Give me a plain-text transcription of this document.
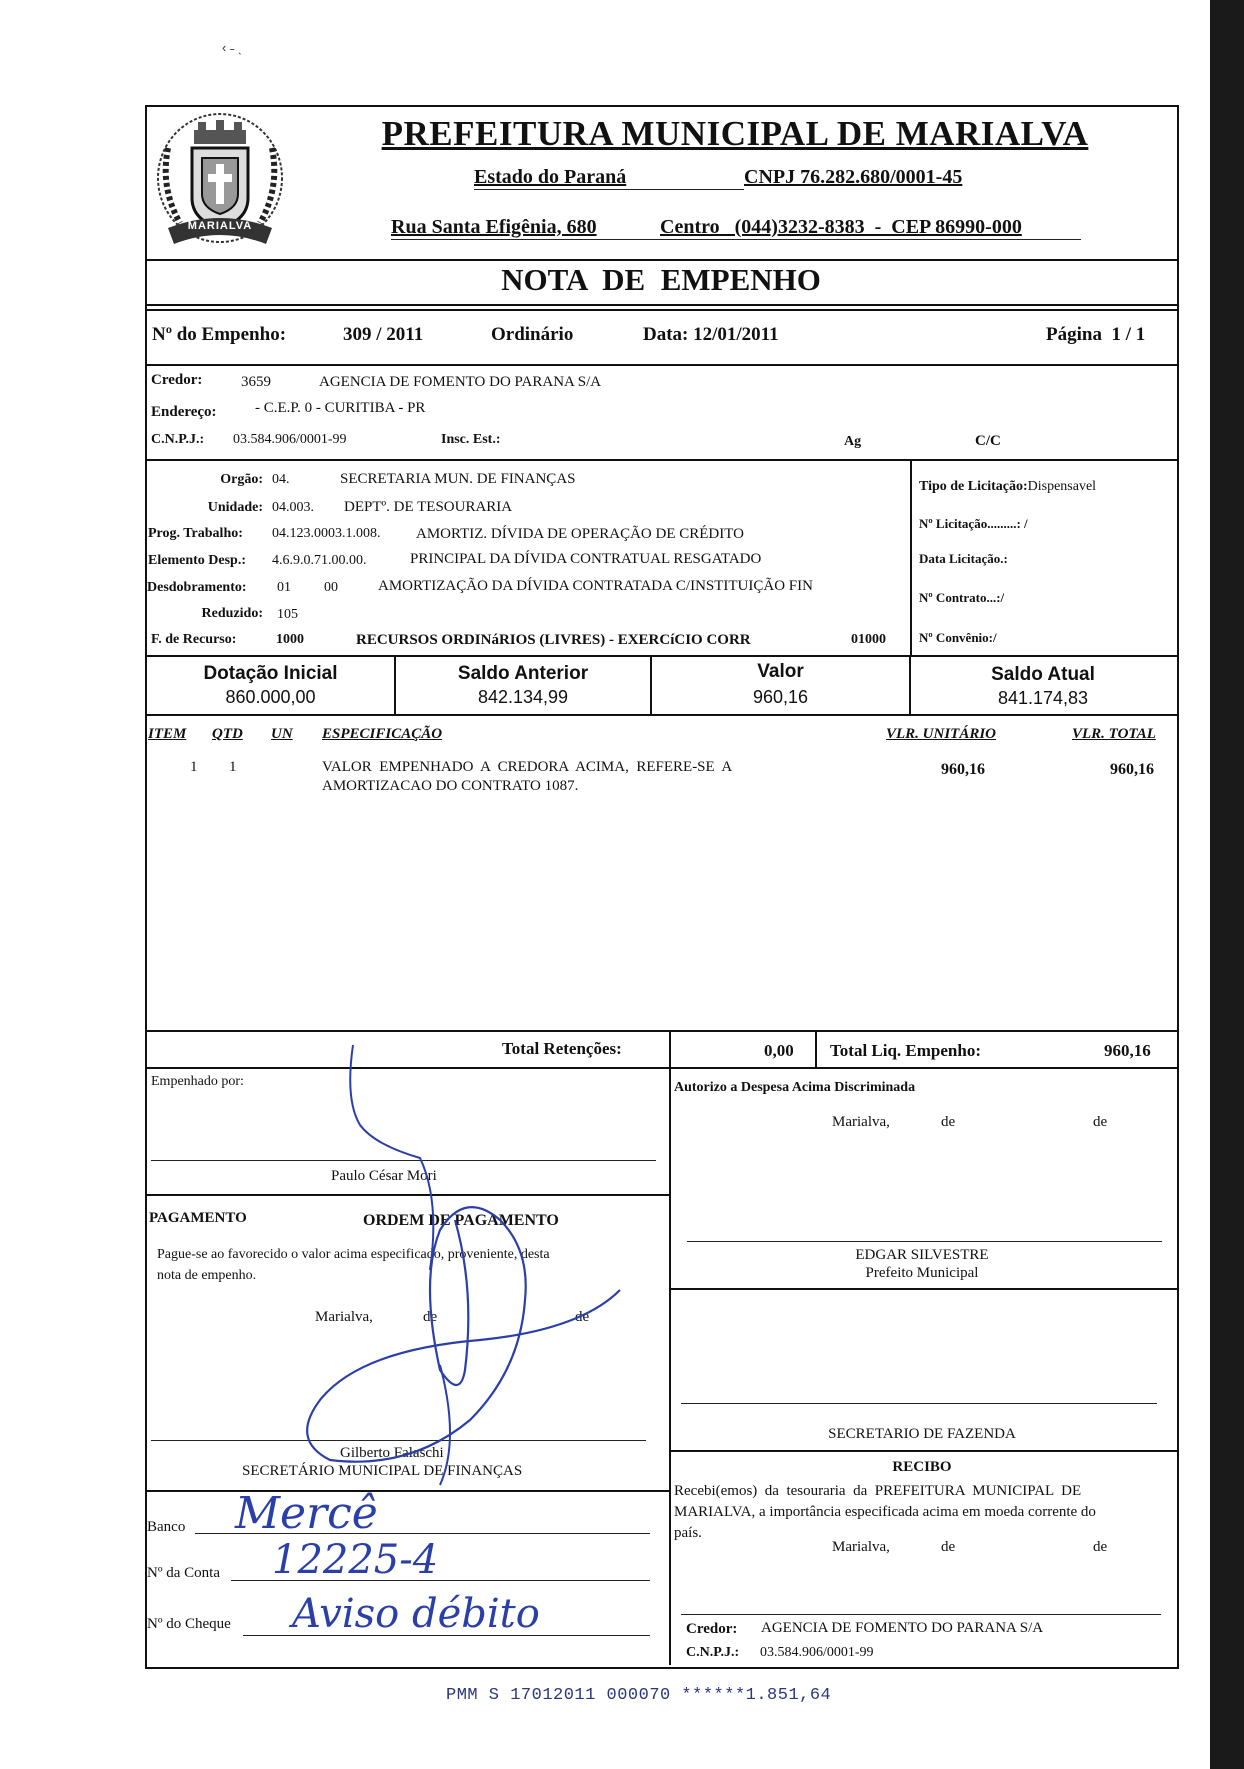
‹ ˗ ˎ
MARIALVA
PREFEITURA MUNICIPAL DE MARIALVA
Estado do Paraná	CNPJ 76.282.680/0001-45
Rua Santa Efigênia, 680	Centro   (044)3232-8383  -  CEP 86990-000
NOTA  DE  EMPENHO
Nº do Empenho:	309 / 2011	Ordinário	Data: 12/01/2011	Página  1 / 1
Credor:	3659	AGENCIA DE FOMENTO DO PARANA S/A
Endereço:	- C.E.P. 0 - CURITIBA - PR
C.N.P.J.: 03.584.906/0001-99	Insc. Est.:	Ag	C/C
Orgão: 04.	SECRETARIA MUN. DE FINANÇAS
Unidade: 04.003. DEPTº. DE TESOURARIA
Prog. Trabalho: 04.123.0003.1.008. AMORTIZ. DÍVIDA DE OPERAÇÃO DE CRÉDITO
Elemento Desp.: 4.6.9.0.71.00.00.	PRINCIPAL DA DÍVIDA CONTRATUAL RESGATADO
Desdobramento: 01 00	AMORTIZAÇÃO DA DÍVIDA CONTRATADA C/INSTITUIÇÃO FIN
Reduzido: 105
F. de Recurso:	1000	RECURSOS ORDINáRIOS (LIVRES) - EXERCíCIO CORR	01000
Tipo de Licitação:Dispensavel
Nº Licitação.........: /
Data Licitação.:
Nº Contrato...:/
Nº Convênio:/
Dotação Inicial
860.000,00
Saldo Anterior
842.134,99
Valor
960,16
Saldo Atual
841.174,83
ITEM QTD UN ESPECIFICAÇÃO	VLR. UNITÁRIO	VLR. TOTAL
1 1	VALOR  EMPENHADO  A  CREDORA  ACIMA,  REFERE-SE  A
AMORTIZACAO DO CONTRATO 1087.
960,16	960,16
Total Retenções:	0,00 Total Liq. Empenho:	960,16
Empenhado por:
Paulo César Mori
PAGAMENTO	ORDEM DE PAGAMENTO
Pague-se ao favorecido o valor acima especificado, proveniente, desta
nota de empenho.
Marialva,	de	de
Gilberto Falaschi
SECRETÁRIO MUNICIPAL DE FINANÇAS
Banco Mercê
Nº da Conta 12225-4
Nº do Cheque Aviso débito
Autorizo a Despesa Acima Discriminada
Marialva,	de	de
EDGAR SILVESTRE
Prefeito Municipal
SECRETARIO DE FAZENDA
RECIBO
Recebi(emos)  da  tesouraria  da  PREFEITURA  MUNICIPAL  DE
MARIALVA, a importância especificada acima em moeda corrente do
país.
Marialva,	de	de
Credor: AGENCIA DE FOMENTO DO PARANA S/A
C.N.P.J.: 03.584.906/0001-99
PMM S 17012011 000070 ******1.851,64
